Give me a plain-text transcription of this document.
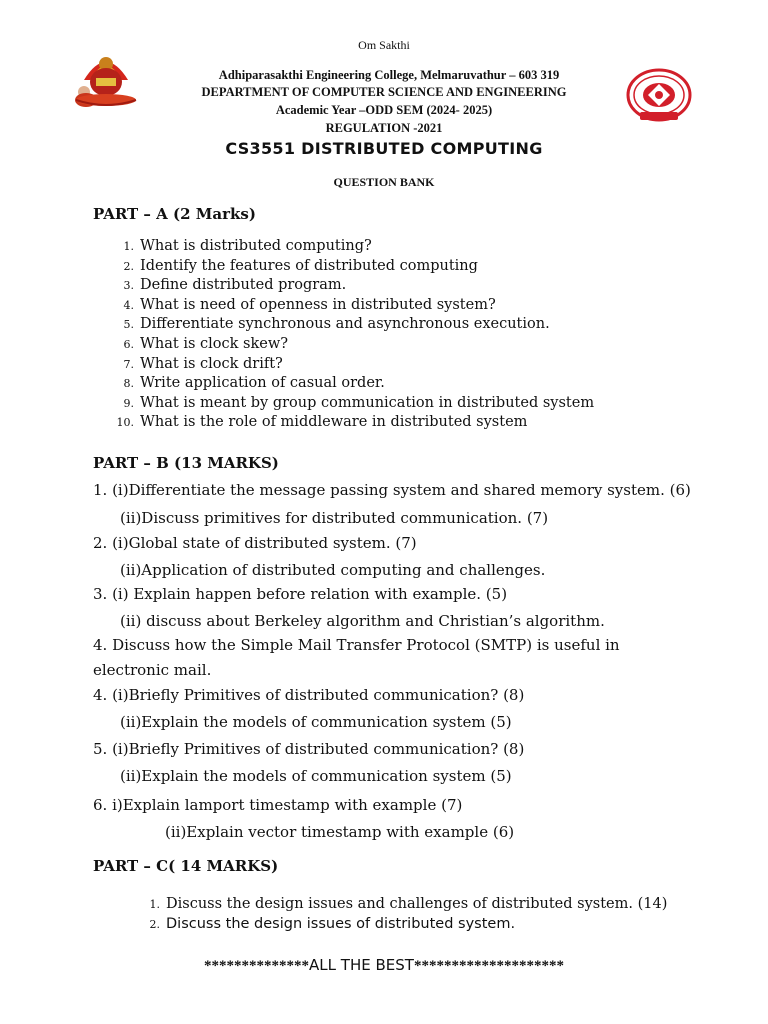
Om Sakthi
Adhiparasakthi Engineering College, Melmaruvathur – 603 319
DEPARTMENT OF COMPUTER SCIENCE AND ENGINEERING
Academic Year –ODD SEM (2024- 2025)
REGULATION -2021
CS3551 DISTRIBUTED COMPUTING
QUESTION BANK
PART – A (2 Marks)
1. What is distributed computing?
2. Identify the features of distributed computing
3. Define distributed program.
4. What is need of openness in distributed system?
5. Differentiate synchronous and asynchronous execution.
6. What is clock skew?
7. What is clock drift?
8. Write application of casual order.
9. What is meant by group communication in distributed system
10. What is the role of middleware in distributed system
PART – B (13 MARKS)
1. (i)Differentiate the message passing system and shared memory system. (6)
(ii)Discuss primitives for distributed communication. (7)
2. (i)Global state of distributed system. (7)
(ii)Application of distributed computing and challenges.
3. (i) Explain happen before relation with example. (5)
(ii) discuss about Berkeley algorithm and Christian’s algorithm.
4. Discuss how the Simple Mail Transfer Protocol (SMTP) is useful in
electronic mail.
4. (i)Briefly Primitives of distributed communication? (8)
(ii)Explain the models of communication system (5)
5. (i)Briefly Primitives of distributed communication? (8)
(ii)Explain the models of communication system (5)
6. i)Explain lamport timestamp with example (7)
(ii)Explain vector timestamp with example (6)
PART – C( 14 MARKS)
1. Discuss the design issues and challenges of distributed system. (14)
2. Discuss the design issues of distributed system.
**************ALL THE BEST********************
